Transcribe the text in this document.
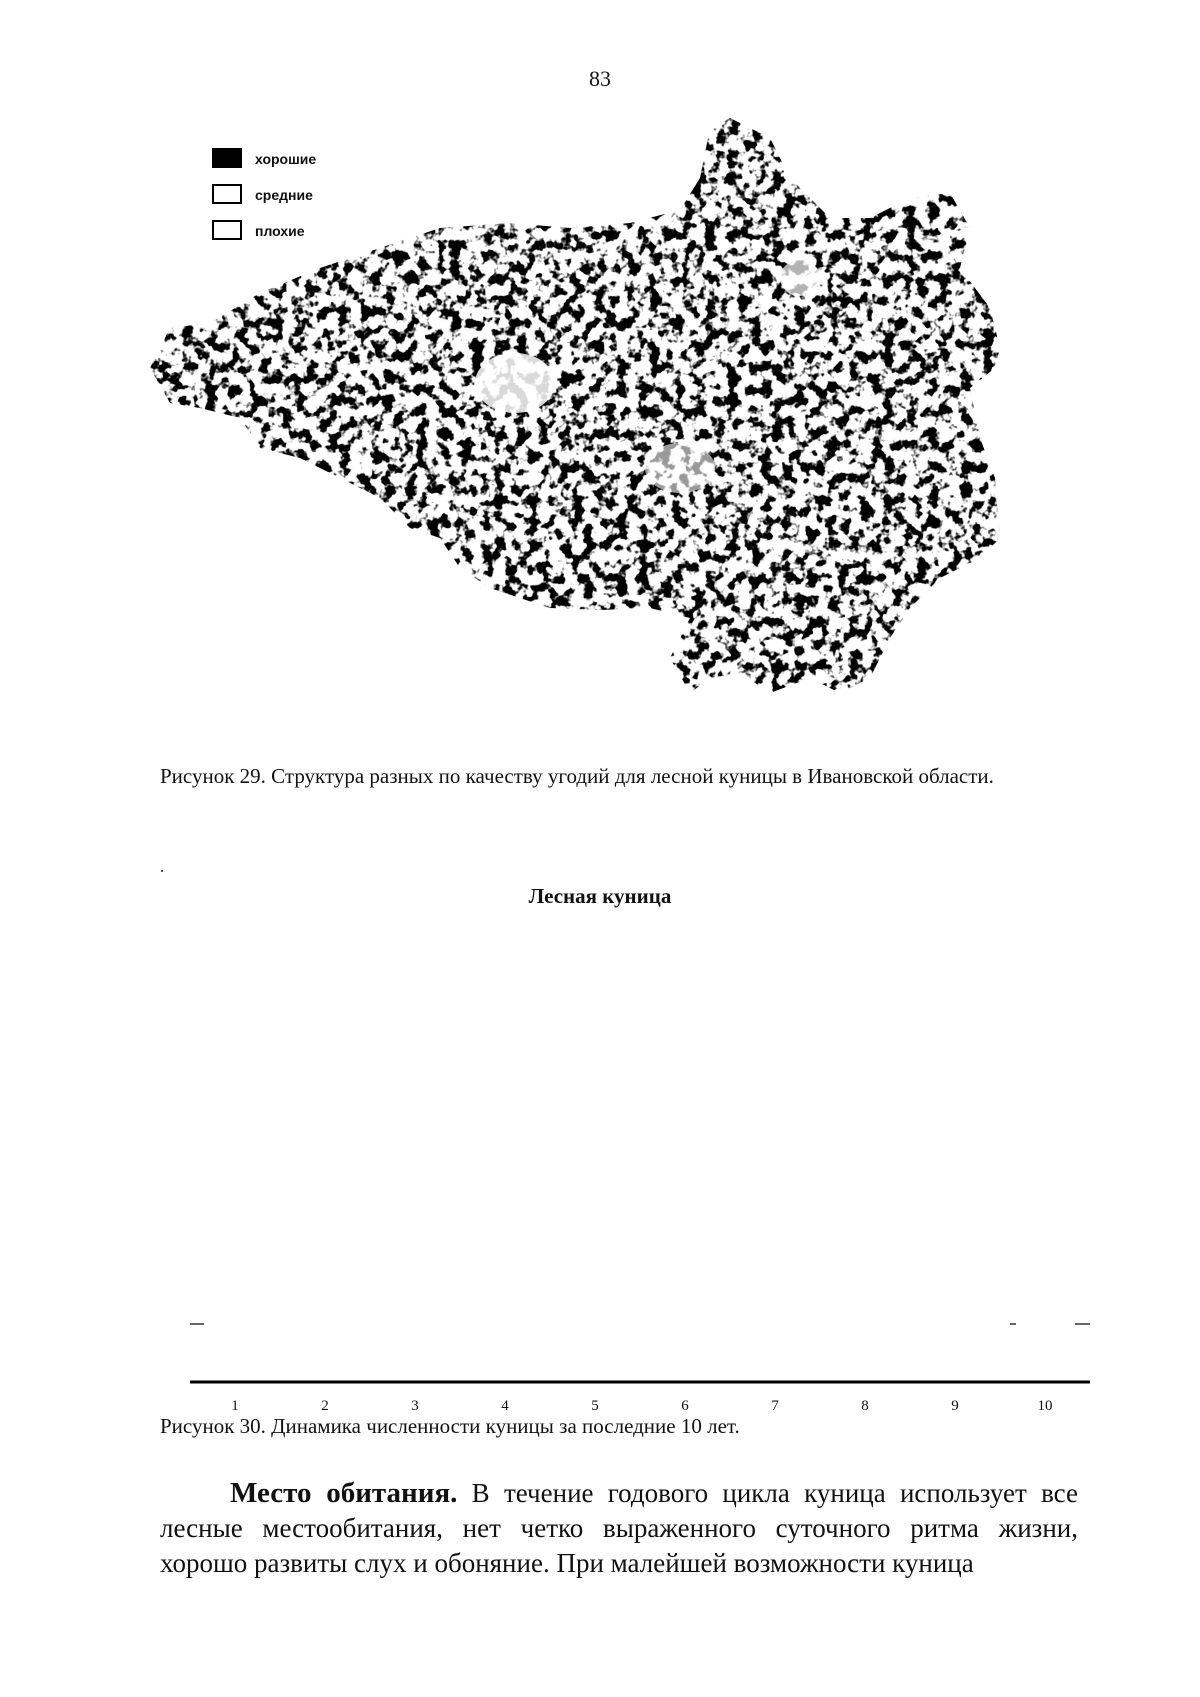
83
хорошие
средние
плохие
Рисунок 29. Структура разных по качеству угодий для лесной куницы в Ивановской области.
Лесная куница
1	2	3	4	5	6	7	8	9	10
Рисунок 30. Динамика численности куницы за последние 10 лет.
Место обитания. В течение годового цикла куница использует все лесные местообитания, нет четко выраженного суточного ритма жизни, хорошо развиты слух и обоняние. При малейшей возможности куница
